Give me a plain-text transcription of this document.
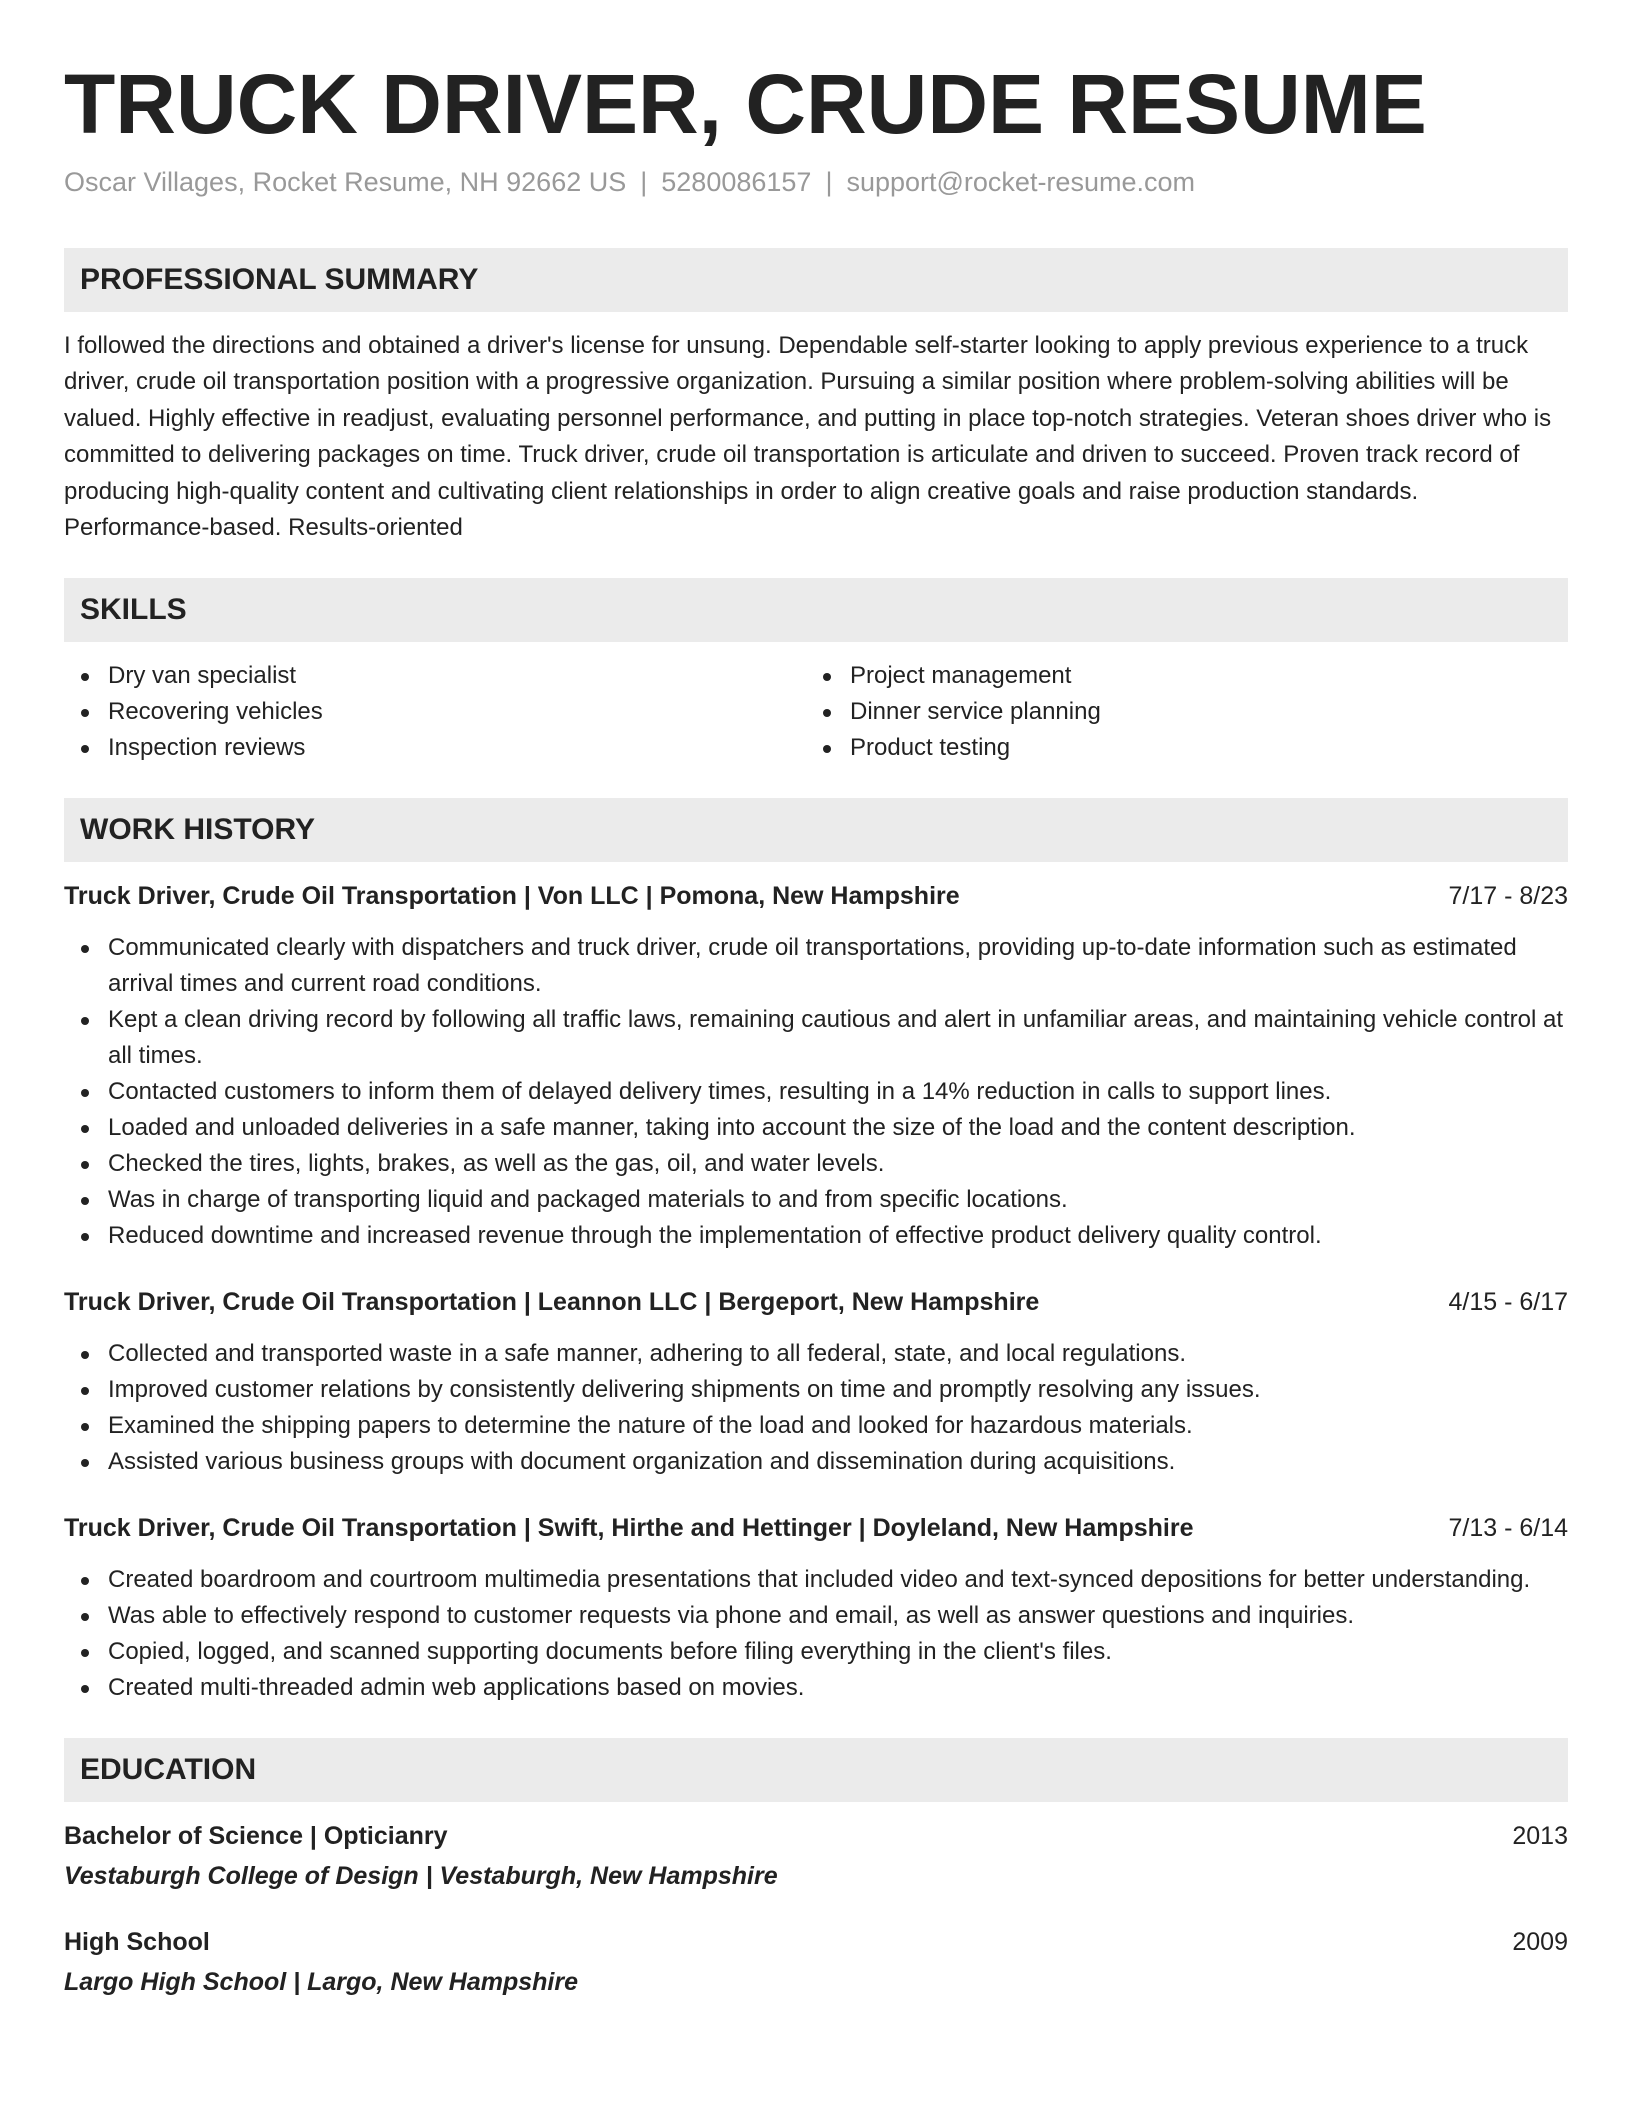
TRUCK DRIVER, CRUDE RESUME
Oscar Villages, Rocket Resume, NH 92662 US | 5280086157 | support@rocket-resume.com
PROFESSIONAL SUMMARY

I followed the directions and obtained a driver's license for unsung. Dependable self-starter looking to apply previous experience to a truck driver, crude oil transportation position with a progressive organization. Pursuing a similar position where problem-solving abilities will be valued. Highly effective in readjust, evaluating personnel performance, and putting in place top-notch strategies. Veteran shoes driver who is committed to delivering packages on time. Truck driver, crude oil transportation is articulate and driven to succeed. Proven track record of producing high-quality content and cultivating client relationships in order to align creative goals and raise production standards. Performance-based. Results-oriented

SKILLS
Dry van specialist
Recovering vehicles
Inspection reviews
Project management
Dinner service planning
Product testing
WORK HISTORY
Truck Driver, Crude Oil Transportation | Von LLC | Pomona, New Hampshire	7/17 - 8/23
Communicated clearly with dispatchers and truck driver, crude oil transportations, providing up-to-date information such as estimated arrival times and current road conditions.
Kept a clean driving record by following all traffic laws, remaining cautious and alert in unfamiliar areas, and maintaining vehicle control at all times.
Contacted customers to inform them of delayed delivery times, resulting in a 14% reduction in calls to support lines.
Loaded and unloaded deliveries in a safe manner, taking into account the size of the load and the content description.
Checked the tires, lights, brakes, as well as the gas, oil, and water levels.
Was in charge of transporting liquid and packaged materials to and from specific locations.
Reduced downtime and increased revenue through the implementation of effective product delivery quality control.
Truck Driver, Crude Oil Transportation | Leannon LLC | Bergeport, New Hampshire	4/15 - 6/17
Collected and transported waste in a safe manner, adhering to all federal, state, and local regulations.
Improved customer relations by consistently delivering shipments on time and promptly resolving any issues.
Examined the shipping papers to determine the nature of the load and looked for hazardous materials.
Assisted various business groups with document organization and dissemination during acquisitions.
Truck Driver, Crude Oil Transportation | Swift, Hirthe and Hettinger | Doyleland, New Hampshire	7/13 - 6/14
Created boardroom and courtroom multimedia presentations that included video and text-synced depositions for better understanding.
Was able to effectively respond to customer requests via phone and email, as well as answer questions and inquiries.
Copied, logged, and scanned supporting documents before filing everything in the client's files.
Created multi-threaded admin web applications based on movies.
EDUCATION
Bachelor of Science | Opticianry	2013
Vestaburgh College of Design | Vestaburgh, New Hampshire
High School	2009
Largo High School | Largo, New Hampshire
